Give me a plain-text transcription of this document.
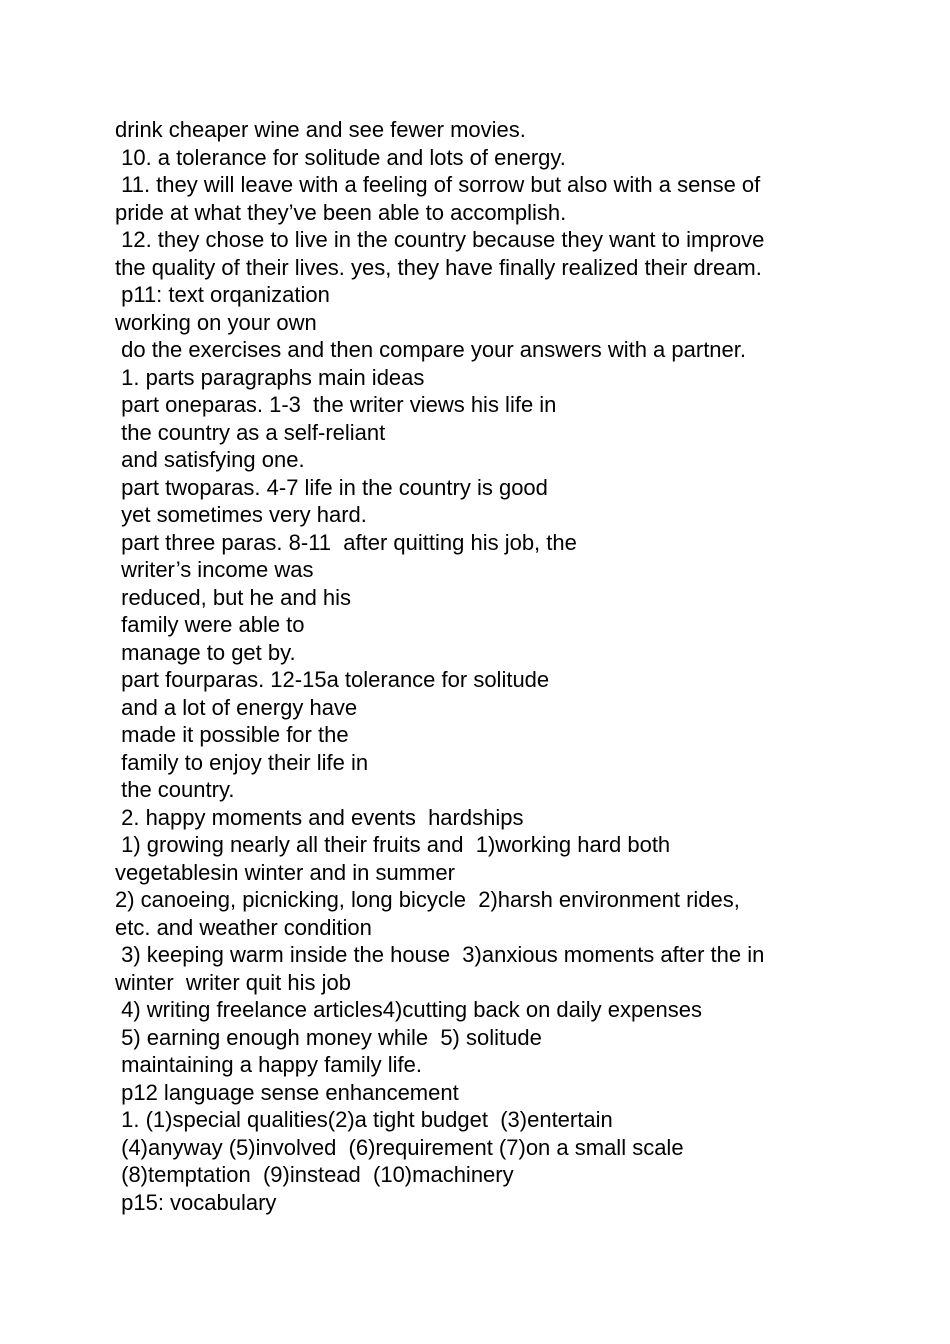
drink cheaper wine and see fewer movies.
10. a tolerance for solitude and lots of energy.
11. they will leave with a feeling of sorrow but also with a sense of
pride at what they’ve been able to accomplish.
12. they chose to live in the country because they want to improve
the quality of their lives. yes, they have finally realized their dream.
p11: text orqanization
working on your own
do the exercises and then compare your answers with a partner.
1. parts paragraphs main ideas
part oneparas. 1-3  the writer views his life in
the country as a self-reliant
and satisfying one.
part twoparas. 4-7 life in the country is good
yet sometimes very hard.
part three paras. 8-11  after quitting his job, the
writer’s income was
reduced, but he and his
family were able to
manage to get by.
part fourparas. 12-15a tolerance for solitude
and a lot of energy have
made it possible for the
family to enjoy their life in
the country.
2. happy moments and events  hardships
1) growing nearly all their fruits and  1)working hard both
vegetablesin winter and in summer
2) canoeing, picnicking, long bicycle  2)harsh environment rides,
etc. and weather condition
3) keeping warm inside the house  3)anxious moments after the in
winter  writer quit his job
4) writing freelance articles4)cutting back on daily expenses
5) earning enough money while  5) solitude
maintaining a happy family life.
p12 language sense enhancement
1. (1)special qualities(2)a tight budget  (3)entertain
(4)anyway (5)involved  (6)requirement (7)on a small scale
(8)temptation  (9)instead  (10)machinery
p15: vocabulary
